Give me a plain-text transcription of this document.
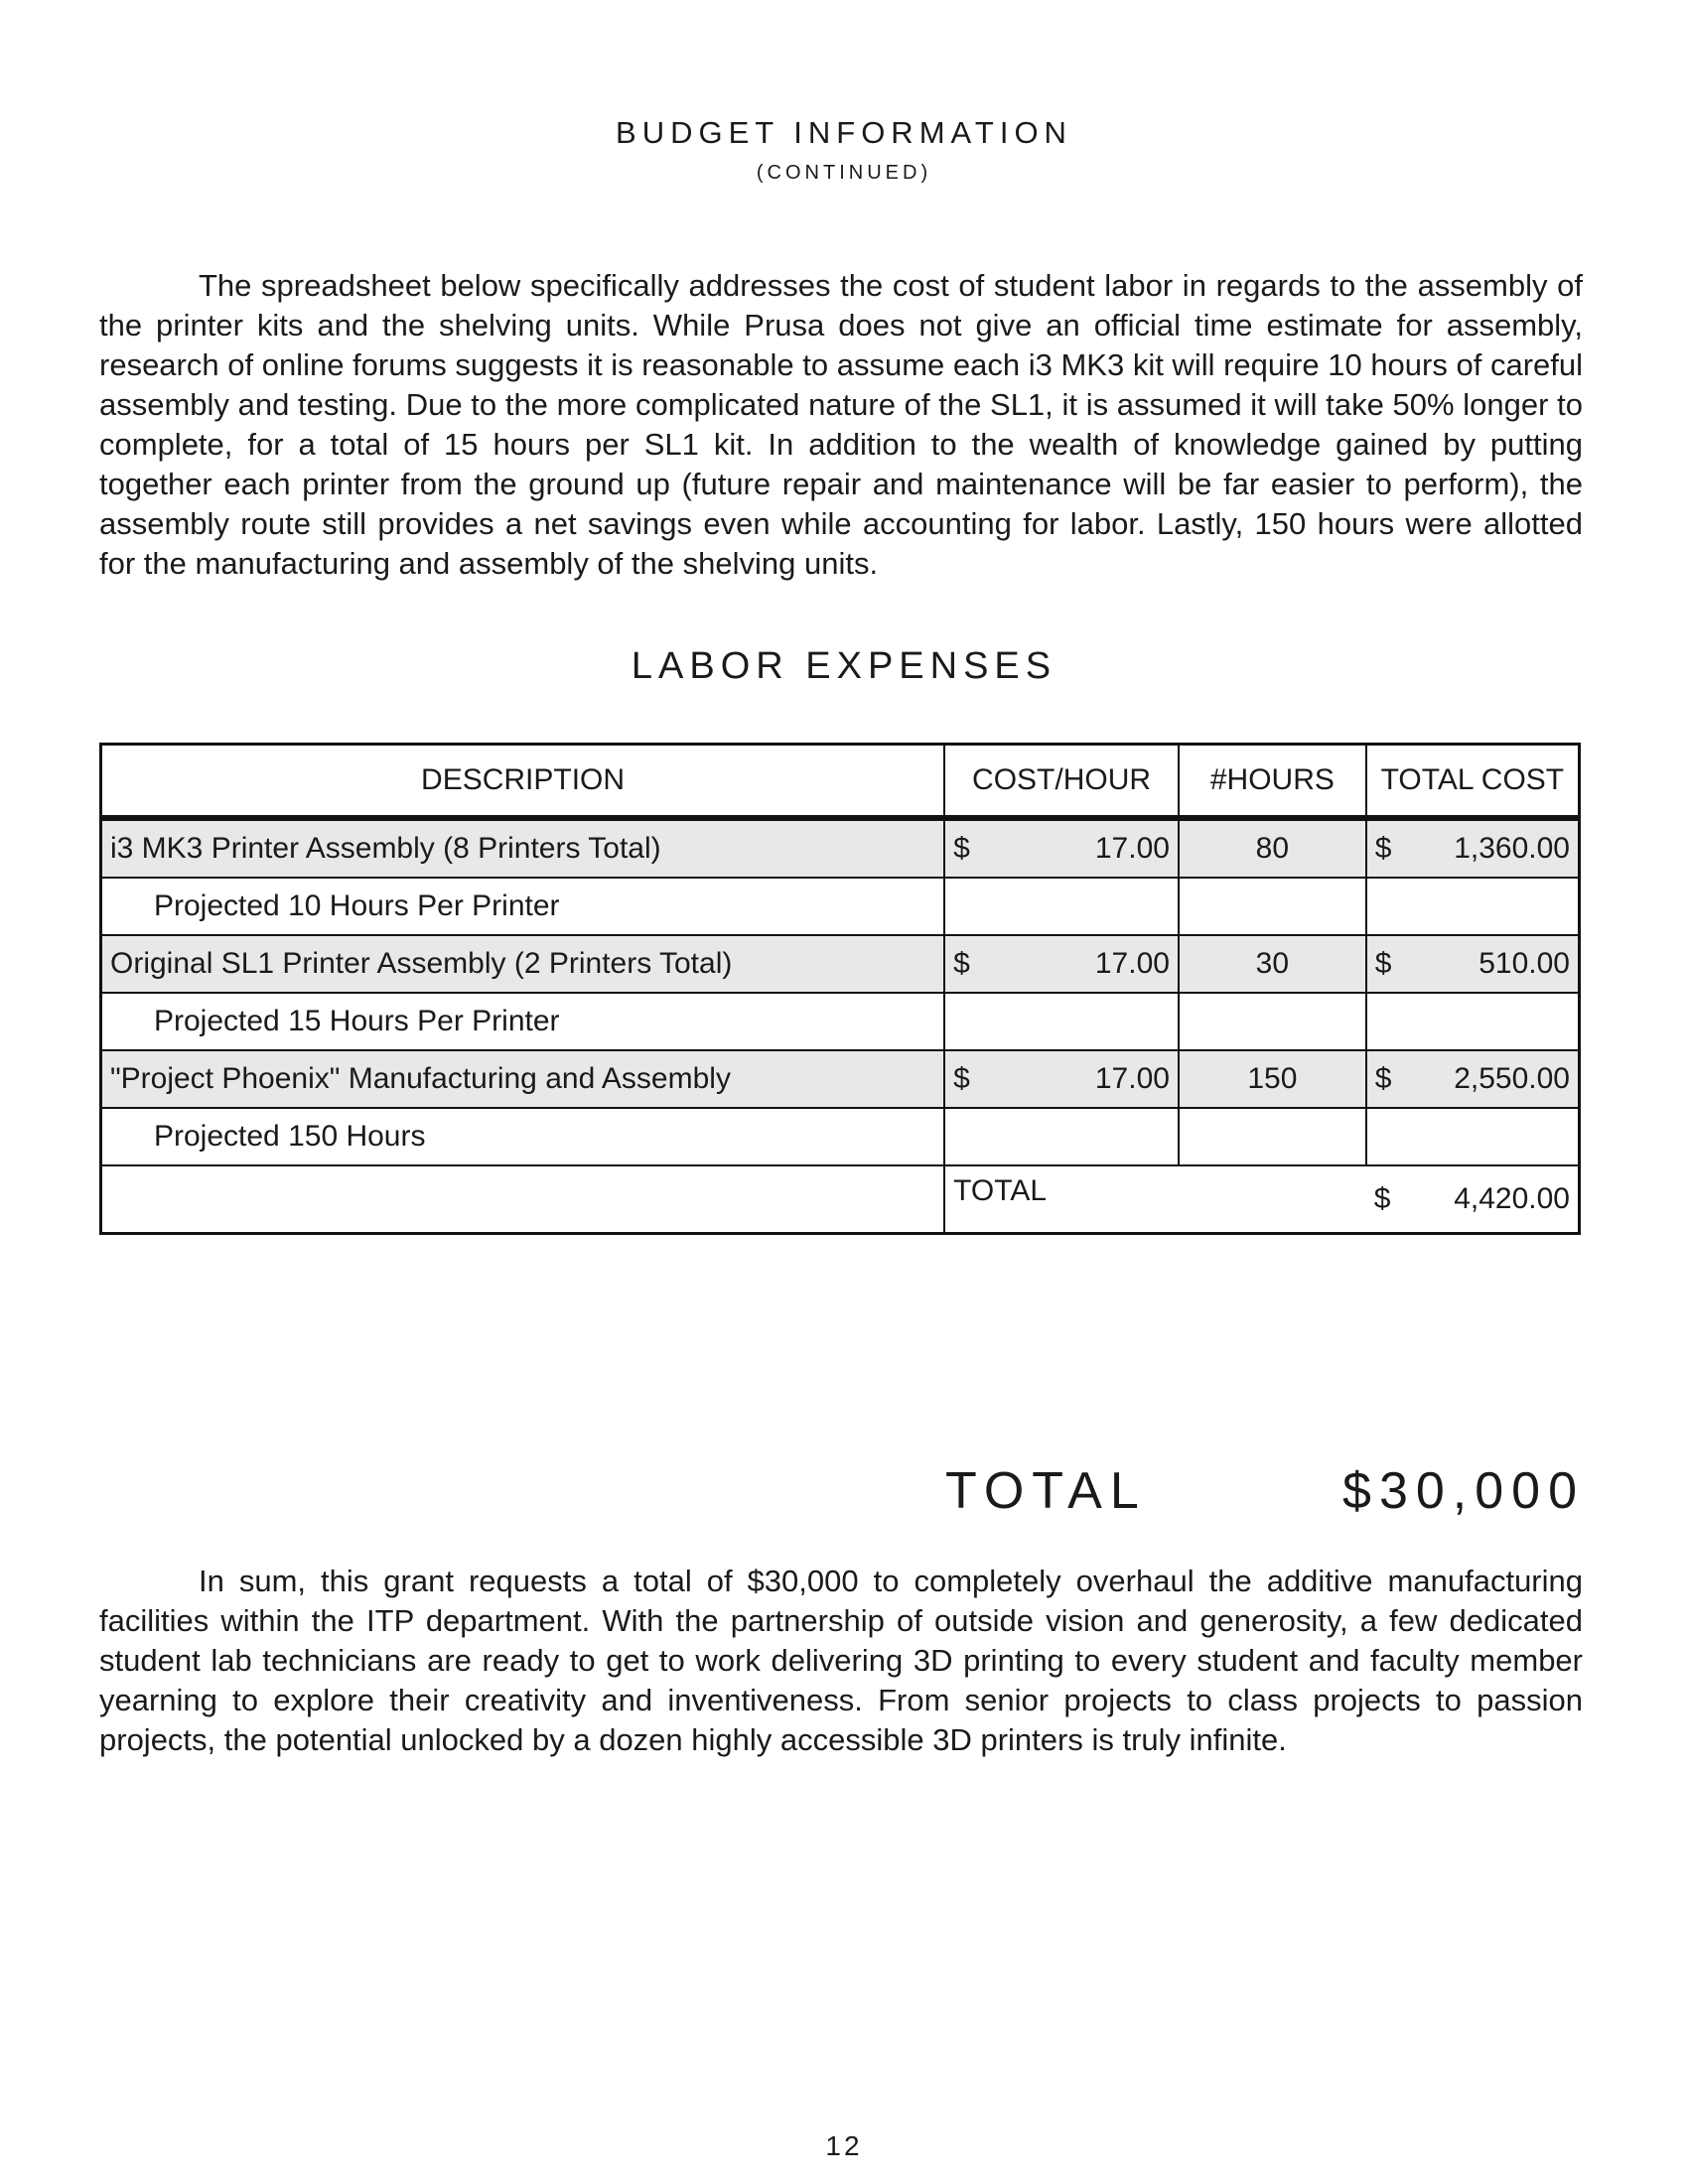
BUDGET INFORMATION
(CONTINUED)
The spreadsheet below specifically addresses the cost of student labor in regards to the assembly of the printer kits and the shelving units. While Prusa does not give an official time estimate for assembly, research of online forums suggests it is reasonable to assume each i3 MK3 kit will require 10 hours of careful assembly and testing. Due to the more complicated nature of the SL1, it is assumed it will take 50% longer to complete, for a total of 15 hours per SL1 kit. In addition to the wealth of knowledge gained by putting together each printer from the ground up (future repair and maintenance will be far easier to perform), the assembly route still provides a net savings even while accounting for labor. Lastly, 150 hours were allotted for the manufacturing and assembly of the shelving units.
LABOR EXPENSES
DESCRIPTION	COST/HOUR	#HOURS	TOTAL COST
i3 MK3 Printer Assembly (8 Printers Total)	$ 17.00	80	$ 1,360.00
Projected 10 Hours Per Printer			
Original SL1 Printer Assembly (2 Printers Total)	$ 17.00	30	$ 510.00
Projected 15 Hours Per Printer			
"Project Phoenix" Manufacturing and Assembly	$ 17.00	150	$ 2,550.00
Projected 150 Hours			
	TOTAL		$ 4,420.00
TOTAL	$30,000
In sum, this grant requests a total of $30,000 to completely overhaul the additive manufacturing facilities within the ITP department. With the partnership of outside vision and generosity, a few dedicated student lab technicians are ready to get to work delivering 3D printing to every student and faculty member yearning to explore their creativity and inventiveness. From senior projects to class projects to passion projects, the potential unlocked by a dozen highly accessible 3D printers is truly infinite.
12
